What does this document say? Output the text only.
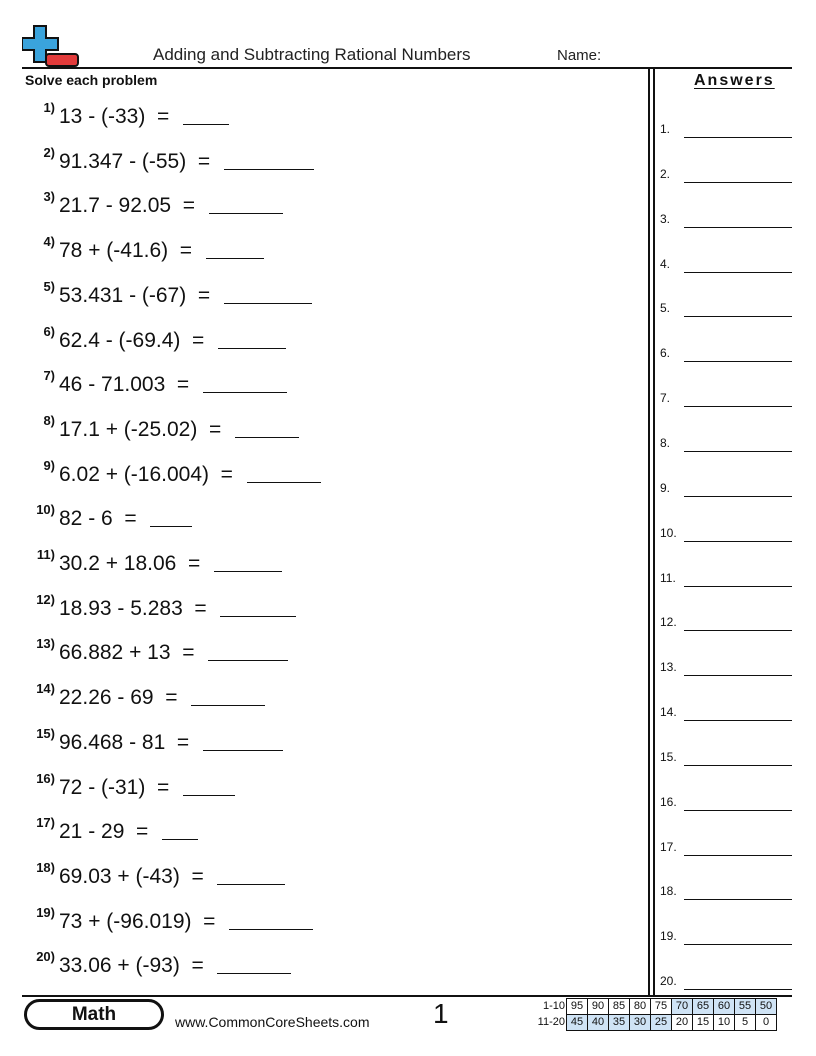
Adding and Subtracting Rational Numbers	Name:
Solve each problem	Answers
1) 13 - (-33)  =
2) 91.347 - (-55)  =
3) 21.7 - 92.05  =
4) 78 + (-41.6)  =
5) 53.431 - (-67)  =
6) 62.4 - (-69.4)  =
7) 46 - 71.003  =
8) 17.1 + (-25.02)  =
9) 6.02 + (-16.004)  =
10) 82 - 6  =
11) 30.2 + 18.06  =
12) 18.93 - 5.283  =
13) 66.882 + 13  =
14) 22.26 - 69  =
15) 96.468 - 81  =
16) 72 - (-31)  =
17) 21 - 29  =
18) 69.03 + (-43)  =
19) 73 + (-96.019)  =
20) 33.06 + (-93)  =
1.
2.
3.
4.
5.
6.
7.
8.
9.
10.
11.
12.
13.
14.
15.
16.
17.
18.
19.
20.
Math	www.CommonCoreSheets.com 1	1-10	95	90	85	80	75	70	65	60	55	50
11-20	45	40	35	30	25	20	15	10	5	0
